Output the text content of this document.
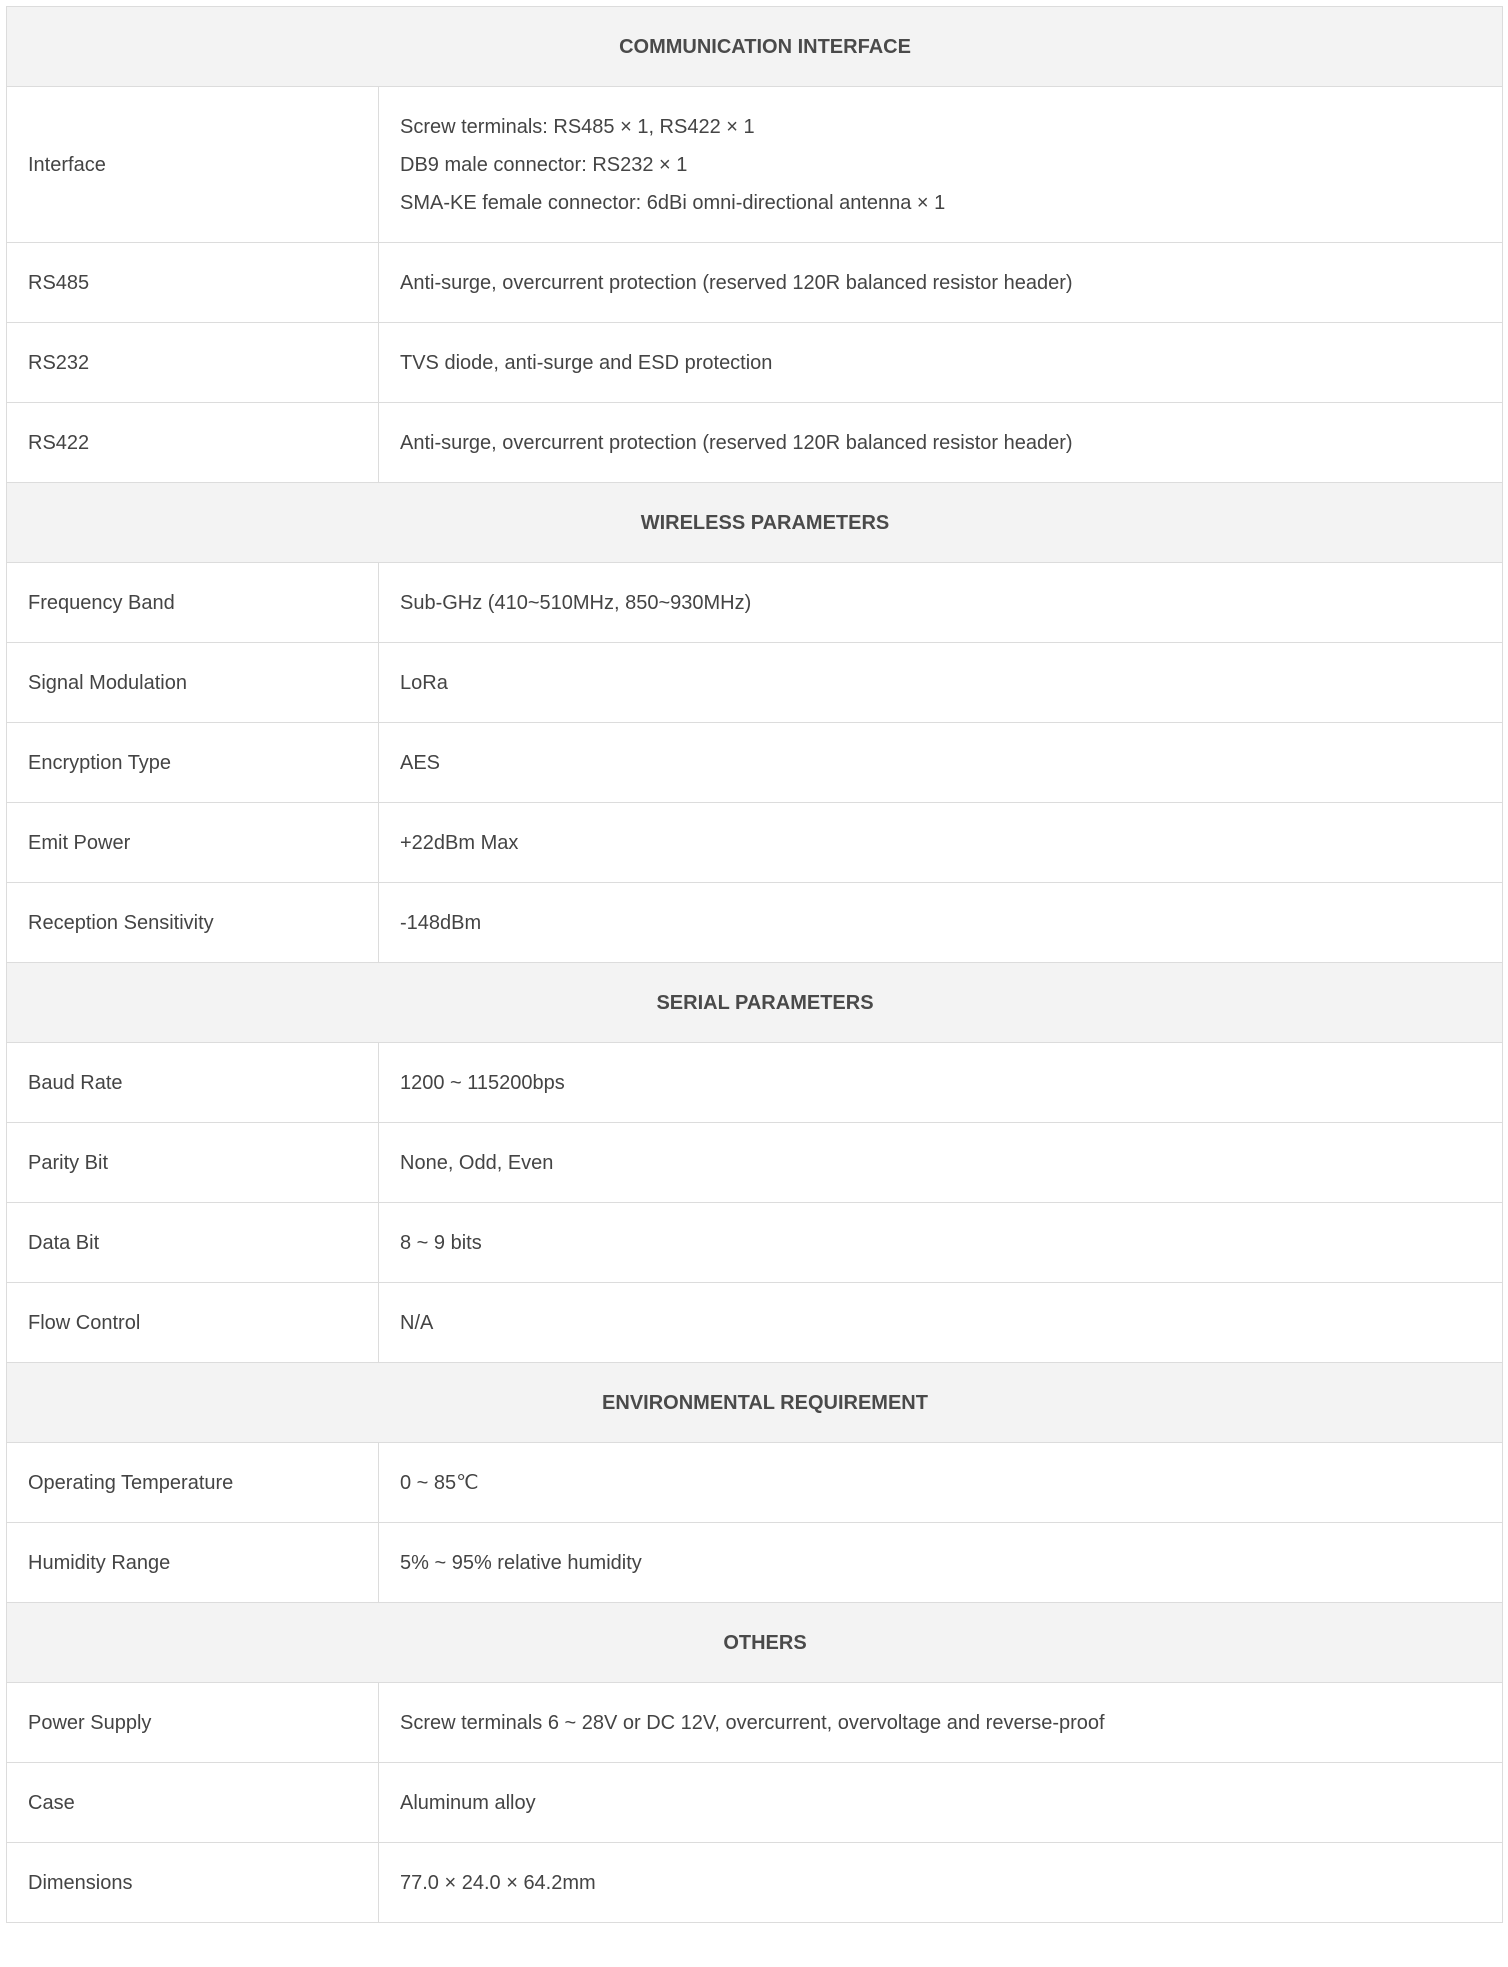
COMMUNICATION INTERFACE	
Interface	Screw terminals: RS485 × 1, RS422 × 1
DB9 male connector: RS232 × 1
SMA-KE female connector: 6dBi omni-directional antenna × 1

RS485	Anti-surge, overcurrent protection (reserved 120R balanced resistor header)

RS232	TVS diode, anti-surge and ESD protection

RS422	Anti-surge, overcurrent protection (reserved 120R balanced resistor header)

WIRELESS PARAMETERS	
Frequency Band	Sub-GHz (410~510MHz, 850~930MHz)

Signal Modulation	LoRa

Encryption Type	AES

Emit Power	+22dBm Max

Reception Sensitivity	-148dBm

SERIAL PARAMETERS	
Baud Rate	1200 ~ 115200bps

Parity Bit	None, Odd, Even

Data Bit	8 ~ 9 bits

Flow Control	N/A

ENVIRONMENTAL REQUIREMENT	
Operating Temperature	0 ~ 85℃

Humidity Range	5% ~ 95% relative humidity

OTHERS	
Power Supply	Screw terminals 6 ~ 28V or DC 12V, overcurrent, overvoltage and reverse-proof

Case	Aluminum alloy

Dimensions	77.0 × 24.0 × 64.2mm
